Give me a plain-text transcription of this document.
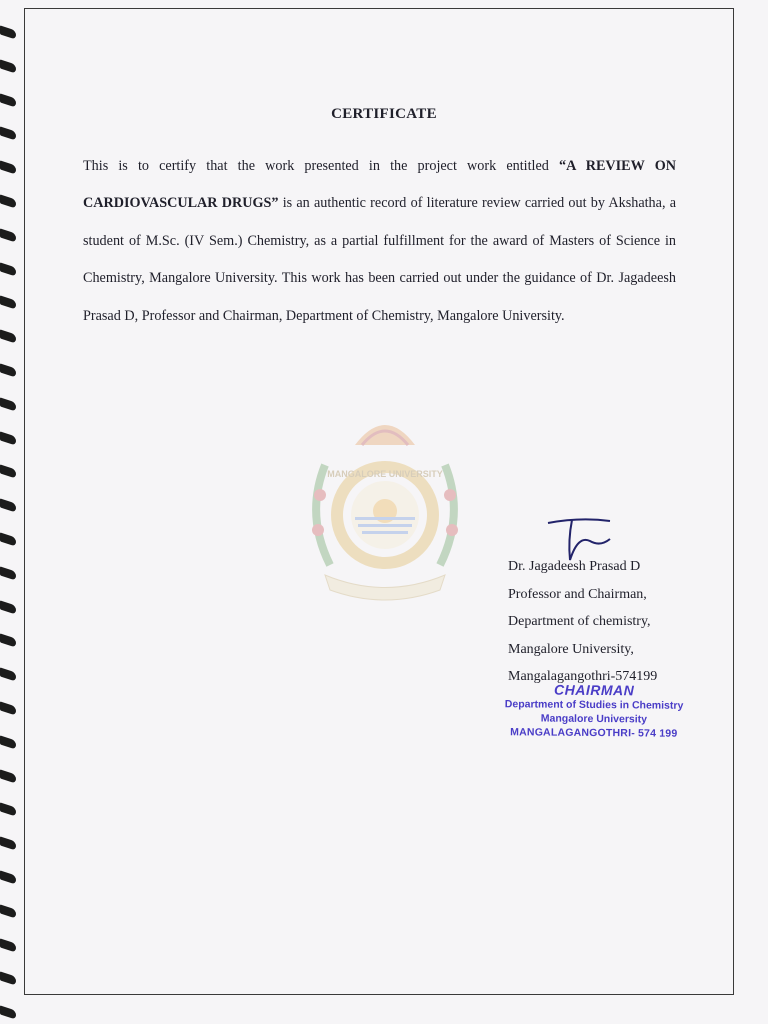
CERTIFICATE
This is to certify that the work presented in the project work entitled “A REVIEW ON CARDIOVASCULAR DRUGS” is an authentic record of literature review carried out by Akshatha, a student of M.Sc. (IV Sem.) Chemistry, as a partial fulfillment for the award of Masters of Science in Chemistry, Mangalore University. This work has been carried out under the guidance of Dr. Jagadeesh Prasad D, Professor and Chairman, Department of Chemistry, Mangalore University.
MANGALORE UNIVERSITY
Dr. Jagadeesh Prasad D
Professor and Chairman,
Department of chemistry,
Mangalore University,
Mangalagangothri-574199
CHAIRMAN
Department of Studies in Chemistry
Mangalore University
MANGALAGANGOTHRI- 574 199
